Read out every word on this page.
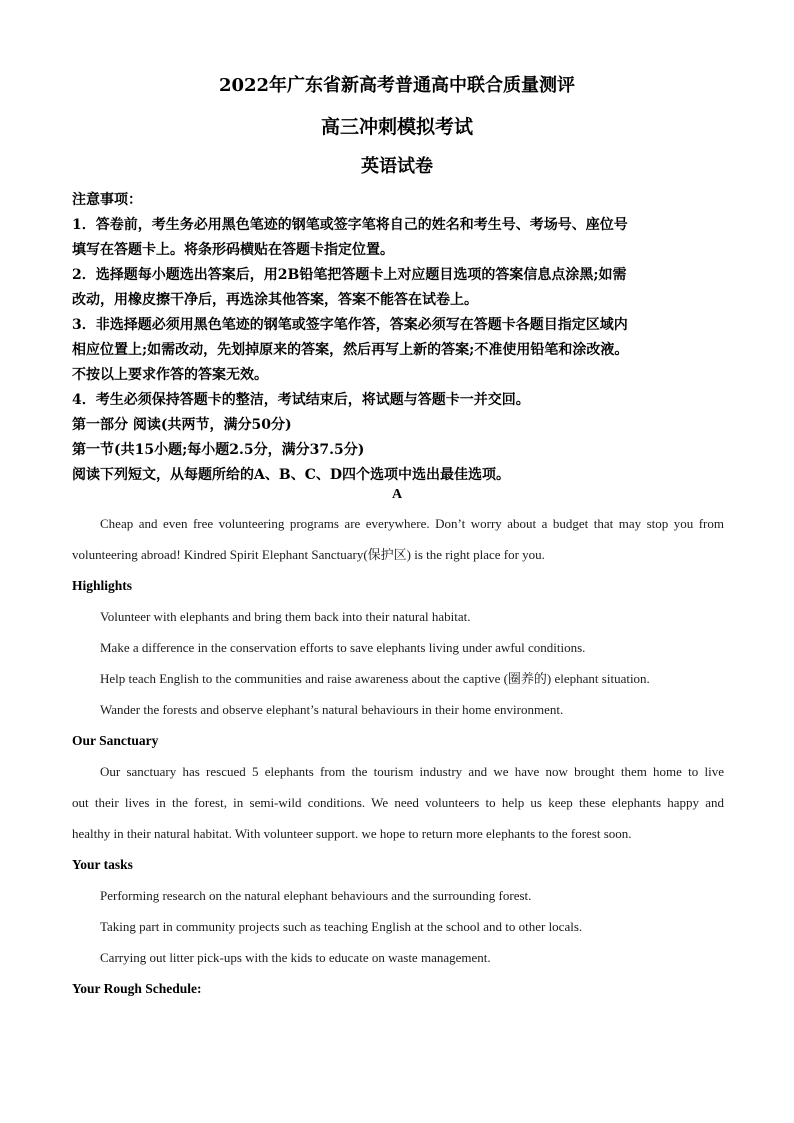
2022年广东省新高考普通高中联合质量测评
高三冲刺模拟考试
英语试卷

注意事项：

1．答卷前，考生务必用黑色笔迹的钢笔或签字笔将自己的姓名和考生号、考场号、座位号

填写在答题卡上。将条形码横贴在答题卡指定位置。

2．选择题每小题选出答案后，用2B铅笔把答题卡上对应题目选项的答案信息点涂黑;如需

改动，用橡皮擦干净后，再选涂其他答案，答案不能答在试卷上。

3．非选择题必须用黑色笔迹的钢笔或签字笔作答，答案必须写在答题卡各题目指定区域内

相应位置上;如需改动，先划掉原来的答案，然后再写上新的答案;不准使用铅笔和涂改液。

不按以上要求作答的答案无效。

4．考生必须保持答题卡的整洁，考试结束后，将试题与答题卡一并交回。

第一部分 阅读(共两节，满分50分)

第一节(共15小题;每小题2.5分，满分37.5分)

阅读下列短文，从每题所给的A、B、C、D四个选项中选出最佳选项。

A

Cheap and even free volunteering programs are everywhere. Don’t worry about a budget that may stop you from

volunteering abroad! Kindred Spirit Elephant Sanctuary(保护区) is the right place for you.

Highlights

Volunteer with elephants and bring them back into their natural habitat.

Make a difference in the conservation efforts to save elephants living under awful conditions.

Help teach English to the communities and raise awareness about the captive (圈养的) elephant situation.

Wander the forests and observe elephant’s natural behaviours in their home environment.

Our Sanctuary

Our sanctuary has rescued 5 elephants from the tourism industry and we have now brought them home to live

out their lives in the forest, in semi-wild conditions. We need volunteers to help us keep these elephants happy and

healthy in their natural habitat. With volunteer support. we hope to return more elephants to the forest soon.

Your tasks

Performing research on the natural elephant behaviours and the surrounding forest.

Taking part in community projects such as teaching English at the school and to other locals.

Carrying out litter pick-ups with the kids to educate on waste management.

Your Rough Schedule:
